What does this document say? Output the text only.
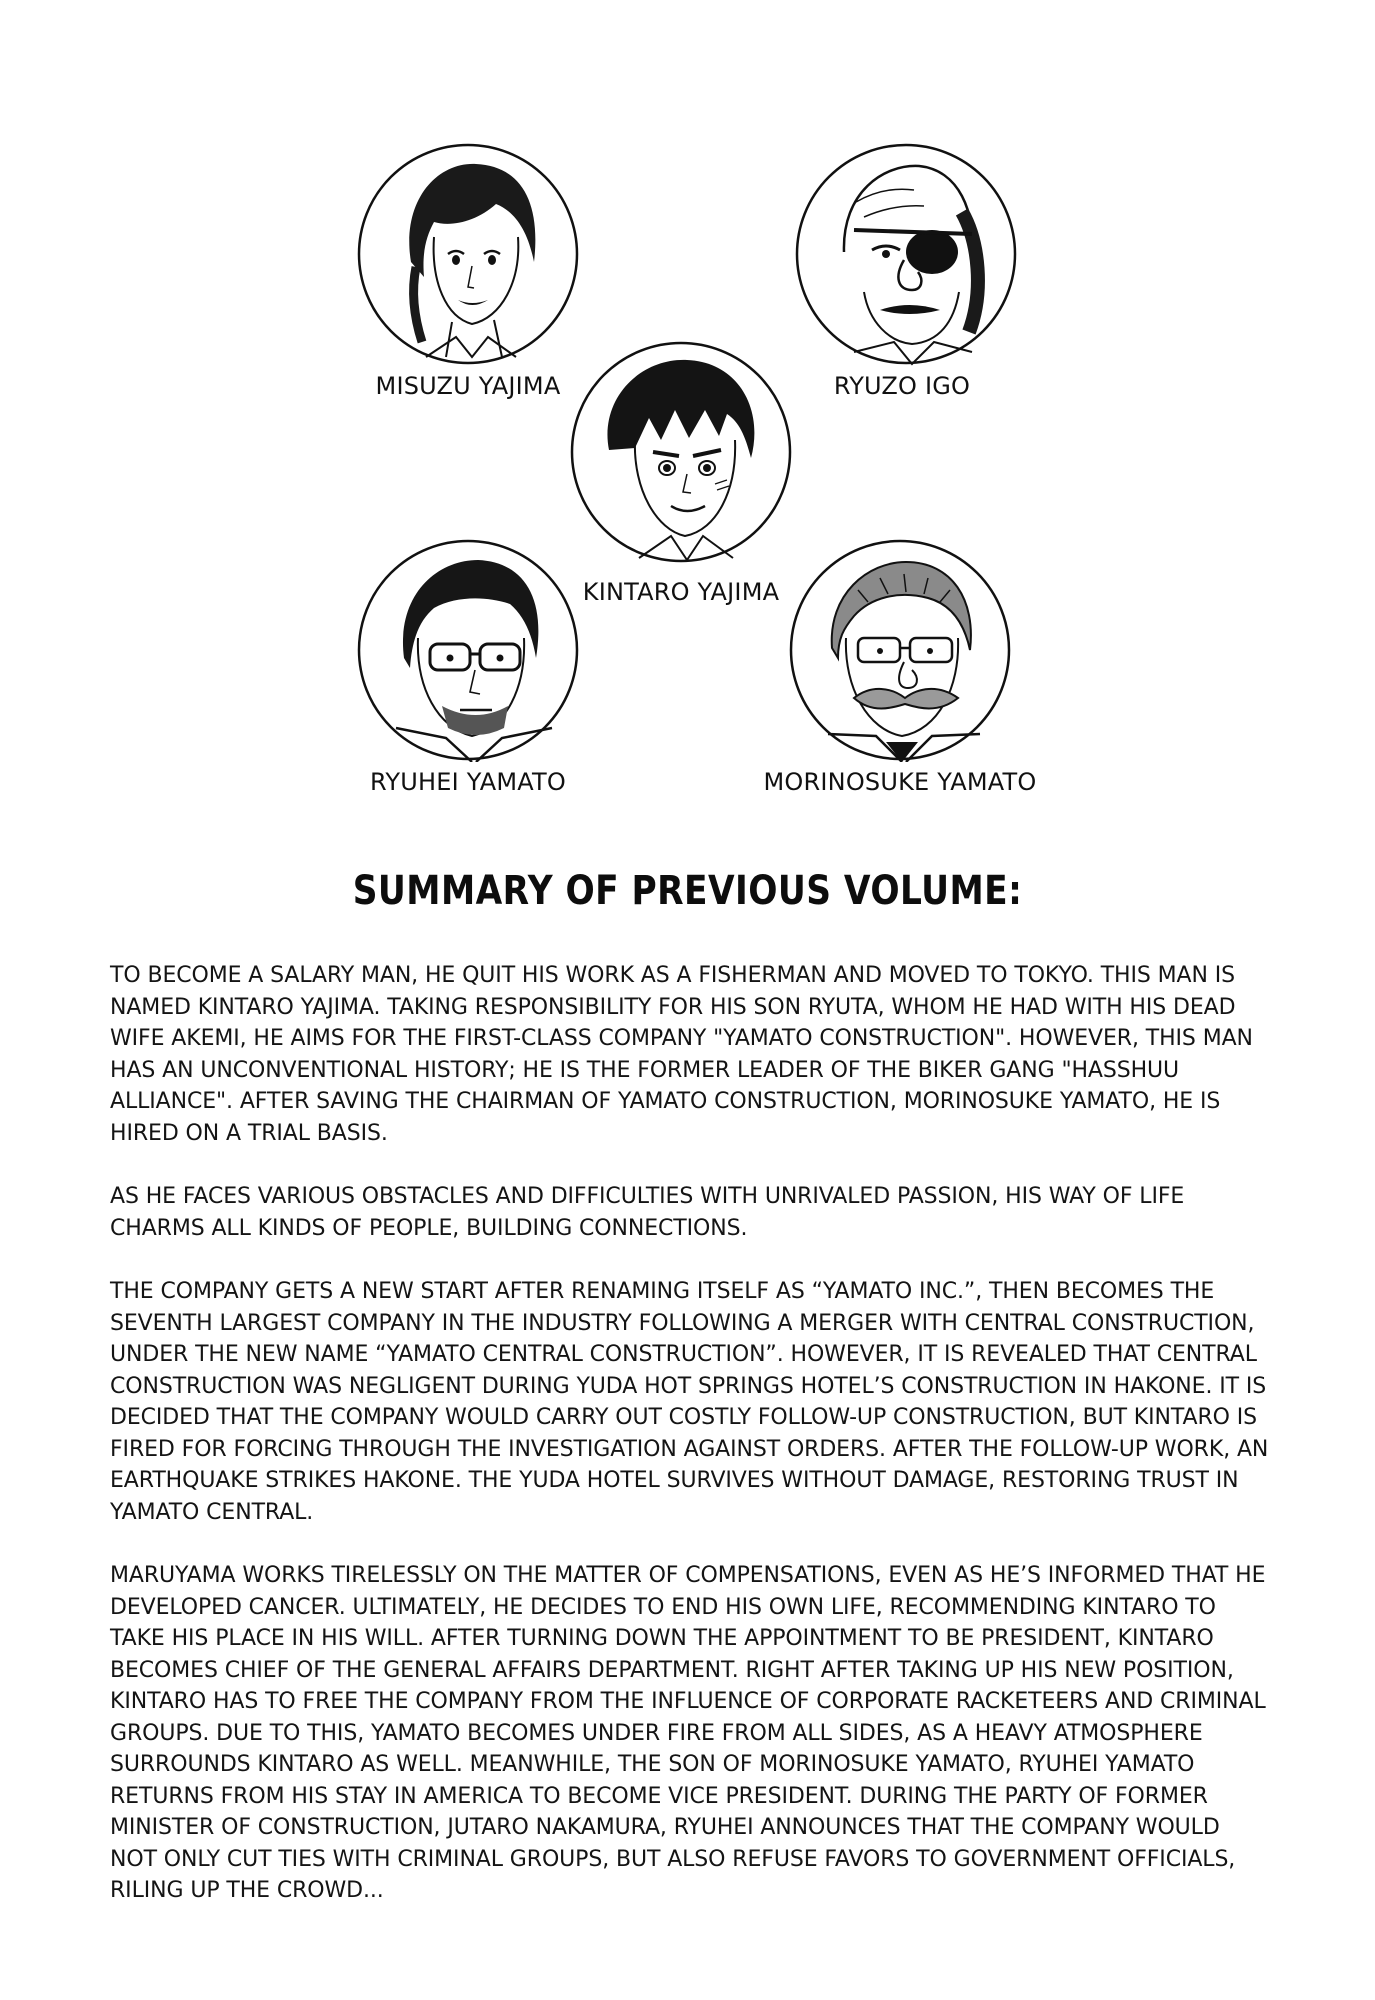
MISUZU YAJIMA	RYUZO IGO
KINTARO YAJIMA
RYUHEI YAMATO	MORINOSUKE YAMATO
SUMMARY OF PREVIOUS VOLUME:

TO BECOME A SALARY MAN, HE QUIT HIS WORK AS A FISHERMAN AND MOVED TO TOKYO. THIS MAN IS NAMED KINTARO YAJIMA. TAKING RESPONSIBILITY FOR HIS SON RYUTA, WHOM HE HAD WITH HIS DEAD WIFE AKEMI, HE AIMS FOR THE FIRST-CLASS COMPANY "YAMATO CONSTRUCTION". HOWEVER, THIS MAN HAS AN UNCONVENTIONAL HISTORY; HE IS THE FORMER LEADER OF THE BIKER GANG "HASSHUU ALLIANCE". AFTER SAVING THE CHAIRMAN OF YAMATO CONSTRUCTION, MORINOSUKE YAMATO, HE IS HIRED ON A TRIAL BASIS.

AS HE FACES VARIOUS OBSTACLES AND DIFFICULTIES WITH UNRIVALED PASSION, HIS WAY OF LIFE CHARMS ALL KINDS OF PEOPLE, BUILDING CONNECTIONS.

THE COMPANY GETS A NEW START AFTER RENAMING ITSELF AS “YAMATO INC.”, THEN BECOMES THE SEVENTH LARGEST COMPANY IN THE INDUSTRY FOLLOWING A MERGER WITH CENTRAL CONSTRUCTION, UNDER THE NEW NAME “YAMATO CENTRAL CONSTRUCTION”. HOWEVER, IT IS REVEALED THAT CENTRAL CONSTRUCTION WAS NEGLIGENT DURING YUDA HOT SPRINGS HOTEL’S CONSTRUCTION IN HAKONE. IT IS DECIDED THAT THE COMPANY WOULD CARRY OUT COSTLY FOLLOW-UP CONSTRUCTION, BUT KINTARO IS FIRED FOR FORCING THROUGH THE INVESTIGATION AGAINST ORDERS. AFTER THE FOLLOW-UP WORK, AN EARTHQUAKE STRIKES HAKONE. THE YUDA HOTEL SURVIVES WITHOUT DAMAGE, RESTORING TRUST IN YAMATO CENTRAL.

MARUYAMA WORKS TIRELESSLY ON THE MATTER OF COMPENSATIONS, EVEN AS HE’S INFORMED THAT HE DEVELOPED CANCER. ULTIMATELY, HE DECIDES TO END HIS OWN LIFE, RECOMMENDING KINTARO TO TAKE HIS PLACE IN HIS WILL. AFTER TURNING DOWN THE APPOINTMENT TO BE PRESIDENT, KINTARO BECOMES CHIEF OF THE GENERAL AFFAIRS DEPARTMENT. RIGHT AFTER TAKING UP HIS NEW POSITION, KINTARO HAS TO FREE THE COMPANY FROM THE INFLUENCE OF CORPORATE RACKETEERS AND CRIMINAL GROUPS. DUE TO THIS, YAMATO BECOMES UNDER FIRE FROM ALL SIDES, AS A HEAVY ATMOSPHERE SURROUNDS KINTARO AS WELL. MEANWHILE, THE SON OF MORINOSUKE YAMATO, RYUHEI YAMATO RETURNS FROM HIS STAY IN AMERICA TO BECOME VICE PRESIDENT. DURING THE PARTY OF FORMER MINISTER OF CONSTRUCTION, JUTARO NAKAMURA, RYUHEI ANNOUNCES THAT THE COMPANY WOULD NOT ONLY CUT TIES WITH CRIMINAL GROUPS, BUT ALSO REFUSE FAVORS TO GOVERNMENT OFFICIALS, RILING UP THE CROWD...
